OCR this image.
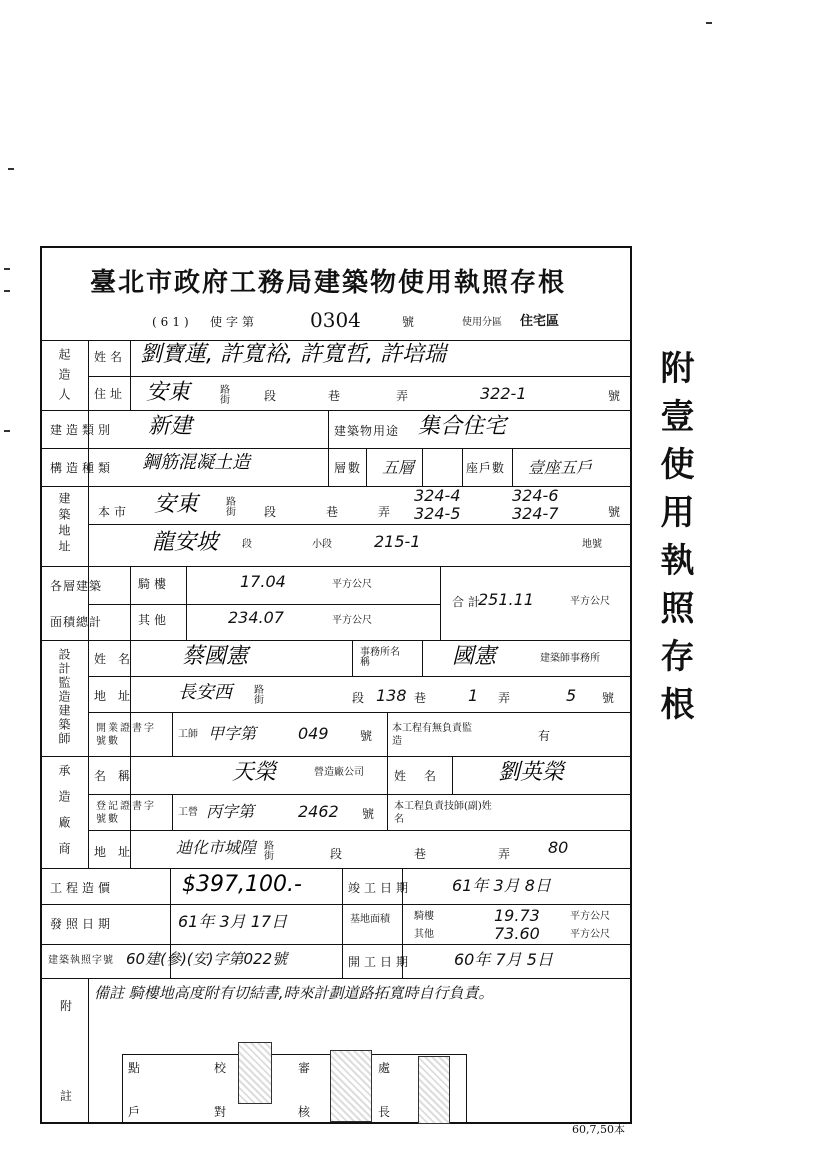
附壹使用執照存根
臺北市政府工務局建築物使用執照存根
(61) 使字第	0304	號	使用分區 住宅區
起造人 姓名 劉寶蓮, 許寬裕, 許寬哲, 許培瑞
住址 安東	路街	段	巷	弄	322-1	號
建造類別 新建	建築物用途 集合住宅
構造種類 鋼筋混凝土造	層數 五層	座戶數 壹座五戶
建築地址 本市 安東	路街 段	巷	弄
324-4	324-6
324-5	324-7	號
龍安坡 段	小段	215-1	地號
各層建築
面積總計
騎樓	17.04	平方公尺
其他	234.07	平方公尺
合計
251.11	平方公尺
設計監造建築師 姓名 蔡國憲	事務所名稱	國憲	建築師事務所
地址 長安西 路街	段 138 巷 1 弄	5 號
開業證書字號數
工師 甲字第	049	號
本工程有無負責監造	有
承造廠商 名稱	天榮	營造廠公司	姓名 劉英榮
登記證書字號數
工營 丙字第	2462 號
本工程負責技師(副)姓名
地址 迪化市城隍 路街	段	巷	弄 80
工程造價	$397,100.-	竣工日期 61年 3月 8日
發照日期	61年 3月 17日	基地面積 騎樓	19.73	平方公尺
其他	73.60	平方公尺
建築執照字號 60建(參)(安)字第022號	開工日期	60年 7月 5日
附
註
備註 騎樓地高度附有切結書,時來計劃道路拓寬時自行負責。
點	校	審	處
戶	對	核	長
60,7,50本
